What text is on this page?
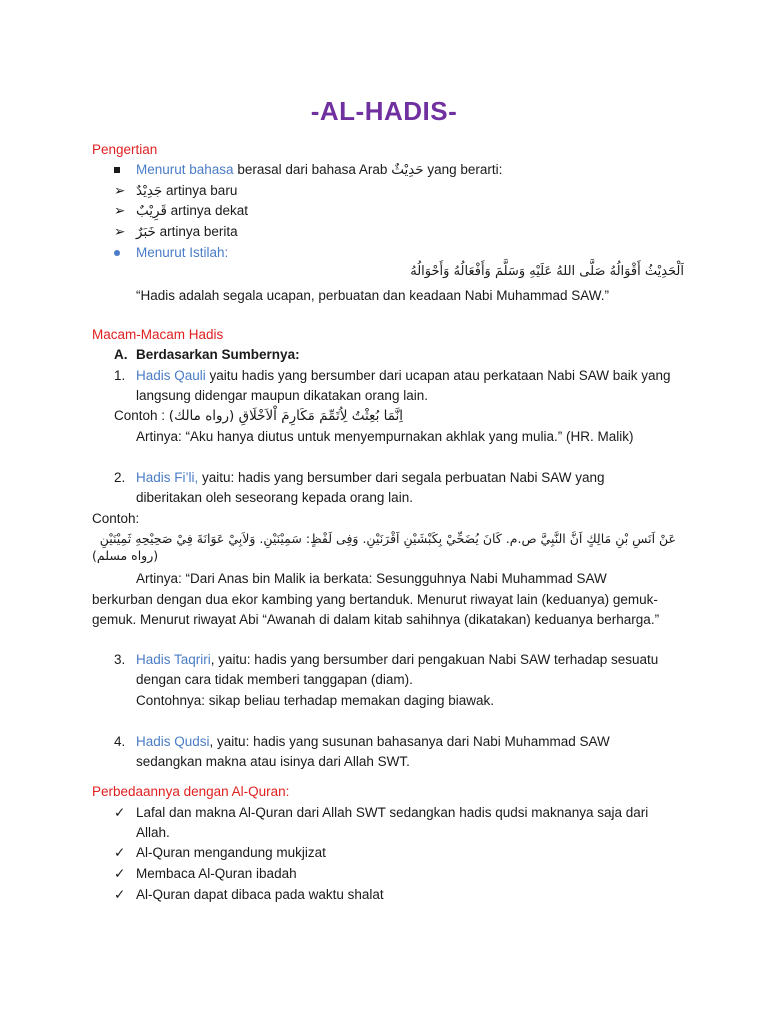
-AL-HADIS-
Pengertian
Menurut bahasa berasal dari bahasa Arab حَدِيْثٌ yang berarti:
➢ جَدِيْدٌ artinya baru
➢ قَرِيْبٌ artinya dekat
➢ خَبَرٌ artinya berita
Menurut Istilah:
اَلْحَدِيْثُ أَقْوَالُهُ صَلَّى اللهُ عَلَيْهِ وَسَلَّمَ وَأَفْعَالُهُ وَأَحْوَالُهُ
“Hadis adalah segala ucapan, perbuatan dan keadaan Nabi Muhammad SAW.”
Macam-Macam Hadis
A. Berdasarkan Sumbernya:
1. Hadis Qauli yaitu hadis yang bersumber dari ucapan atau perkataan Nabi SAW baik yang
langsung didengar maupun dikatakan orang lain.
Contoh : اِنَّمَا بُعِثْتُ لِاُتَمِّمَ مَكَارِمَ اْلاَخْلَاقِ (رواه مالك)
Artinya: “Aku hanya diutus untuk menyempurnakan akhlak yang mulia.” (HR. Malik)
2. Hadis Fi’li, yaitu: hadis yang bersumber dari segala perbuatan Nabi SAW yang
diberitakan oleh seseorang kepada orang lain.
Contoh:
عَنْ اَنَسِ بْنِ مَالِكٍ اَنَّ النَّبِيَّ ص.م. كَانَ يُضَحِّيْ بِكَبْشَيْنِ اَقْرَنَيْنِ. وَفِى لَفْظٍ: سَمِيْنَيْنِ. وَلاَبِيْ عَوَانَةَ فِيْ صَحِيْحِهِ ثَمِيْنَيْنِ
(رواه مسلم)
Artinya: “Dari Anas bin Malik ia berkata: Sesungguhnya Nabi Muhammad SAW
berkurban dengan dua ekor kambing yang bertanduk. Menurut riwayat lain (keduanya) gemuk-
gemuk. Menurut riwayat Abi “Awanah di dalam kitab sahihnya (dikatakan) keduanya berharga.”
3. Hadis Taqriri, yaitu: hadis yang bersumber dari pengakuan Nabi SAW terhadap sesuatu
dengan cara tidak memberi tanggapan (diam).
Contohnya: sikap beliau terhadap memakan daging biawak.
4. Hadis Qudsi, yaitu: hadis yang susunan bahasanya dari Nabi Muhammad SAW
sedangkan makna atau isinya dari Allah SWT.
Perbedaannya dengan Al-Quran:
✓ Lafal dan makna Al-Quran dari Allah SWT sedangkan hadis qudsi maknanya saja dari
Allah.
✓ Al-Quran mengandung mukjizat
✓ Membaca Al-Quran ibadah
✓ Al-Quran dapat dibaca pada waktu shalat
